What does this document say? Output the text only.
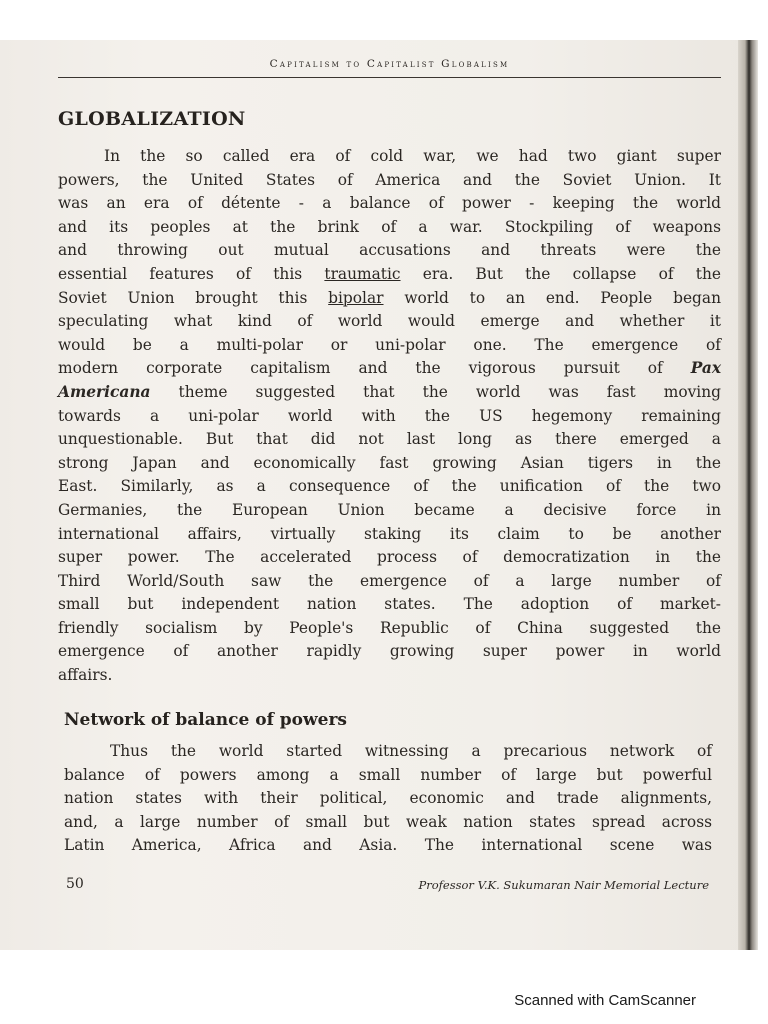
Capitalism to Capitalist Globalism
GLOBALIZATION
In the so called era of cold war, we had two giant super
powers, the United States of America and the Soviet Union. It
was an era of détente - a balance of power - keeping the world
and its peoples at the brink of a war. Stockpiling of weapons
and throwing out mutual accusations and threats were the
essential features of this traumatic era. But the collapse of the
Soviet Union brought this bipolar world to an end. People began
speculating what kind of world would emerge and whether it
would be a multi-polar or uni-polar one. The emergence of
modern corporate capitalism and the vigorous pursuit of Pax
Americana theme suggested that the world was fast moving
towards a uni-polar world with the US hegemony remaining
unquestionable. But that did not last long as there emerged a
strong Japan and economically fast growing Asian tigers in the
East. Similarly, as a consequence of the unification of the two
Germanies, the European Union became a decisive force in
international affairs, virtually staking its claim to be another
super power. The accelerated process of democratization in the
Third World/South saw the emergence of a large number of
small but independent nation states. The adoption of market-
friendly socialism by People's Republic of China suggested the
emergence of another rapidly growing super power in world
affairs.
Network of balance of powers
Thus the world started witnessing a precarious network of
balance of powers among a small number of large but powerful
nation states with their political, economic and trade alignments,
and, a large number of small but weak nation states spread across
Latin America, Africa and Asia. The international scene was
50	Professor V.K. Sukumaran Nair Memorial Lecture
Scanned with CamScanner
